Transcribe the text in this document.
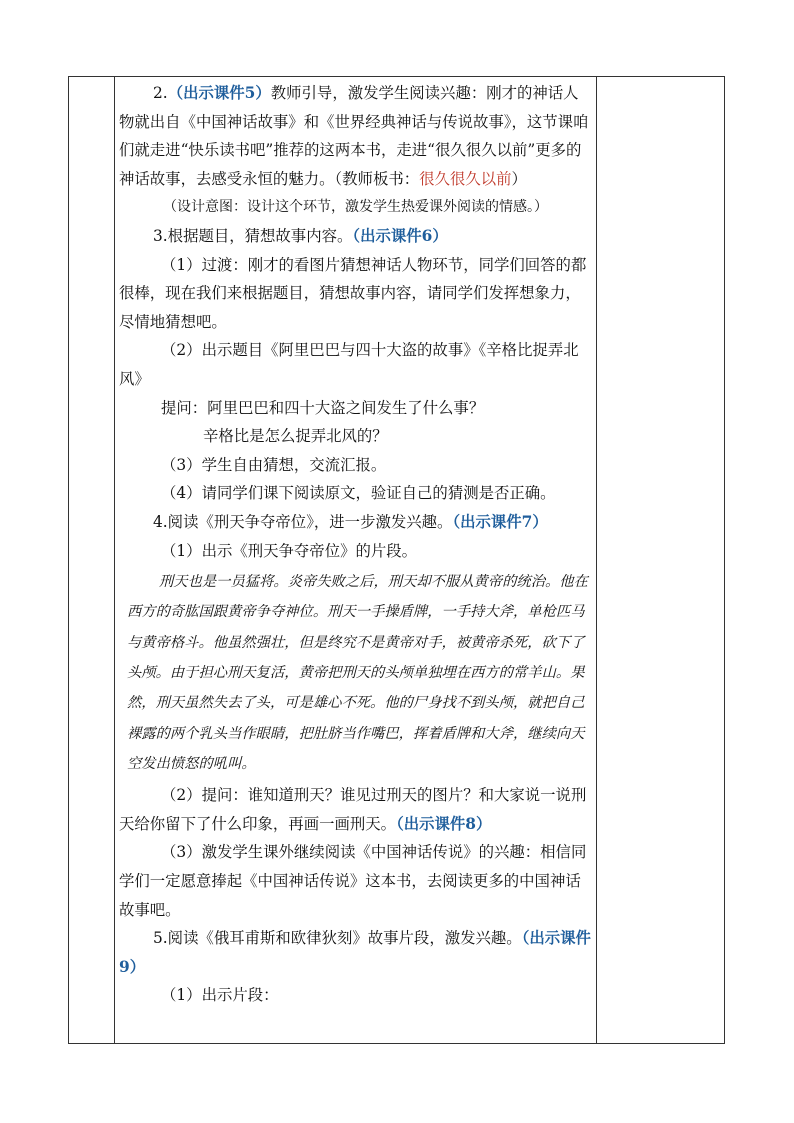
2.（出示课件5）教师引导，激发学生阅读兴趣：刚才的神话人物就出自《中国神话故事》和《世界经典神话与传说故事》，这节课咱们就走进“快乐读书吧”推荐的这两本书，走进“很久很久以前”更多的神话故事，去感受永恒的魅力。（教师板书：很久很久以前）

（设计意图：设计这个环节，激发学生热爱课外阅读的情感。）

3.根据题目，猜想故事内容。（出示课件6）

（1）过渡：刚才的看图片猜想神话人物环节，同学们回答的都很棒，现在我们来根据题目，猜想故事内容，请同学们发挥想象力，尽情地猜想吧。

（2）出示题目《阿里巴巴与四十大盗的故事》《辛格比捉弄北风》

提问：阿里巴巴和四十大盗之间发生了什么事？

辛格比是怎么捉弄北风的？

（3）学生自由猜想，交流汇报。

（4）请同学们课下阅读原文，验证自己的猜测是否正确。

4.阅读《刑天争夺帝位》，进一步激发兴趣。（出示课件7）

（1）出示《刑天争夺帝位》的片段。

刑天也是一员猛将。炎帝失败之后，刑天却不服从黄帝的统治。他在西方的奇肱国跟黄帝争夺神位。刑天一手操盾牌，一手持大斧，单枪匹马与黄帝格斗。他虽然强壮，但是终究不是黄帝对手，被黄帝杀死，砍下了头颅。由于担心刑天复活，黄帝把刑天的头颅单独埋在西方的常羊山。果然，刑天虽然失去了头，可是雄心不死。他的尸身找不到头颅，就把自己裸露的两个乳头当作眼睛，把肚脐当作嘴巴，挥着盾牌和大斧，继续向天空发出愤怒的吼叫。

（2）提问：谁知道刑天？谁见过刑天的图片？和大家说一说刑天给你留下了什么印象，再画一画刑天。（出示课件8）

（3）激发学生课外继续阅读《中国神话传说》的兴趣：相信同学们一定愿意捧起《中国神话传说》这本书，去阅读更多的中国神话故事吧。

5.阅读《俄耳甫斯和欧律狄刻》故事片段，激发兴趣。（出示课件9）

（1）出示片段：
